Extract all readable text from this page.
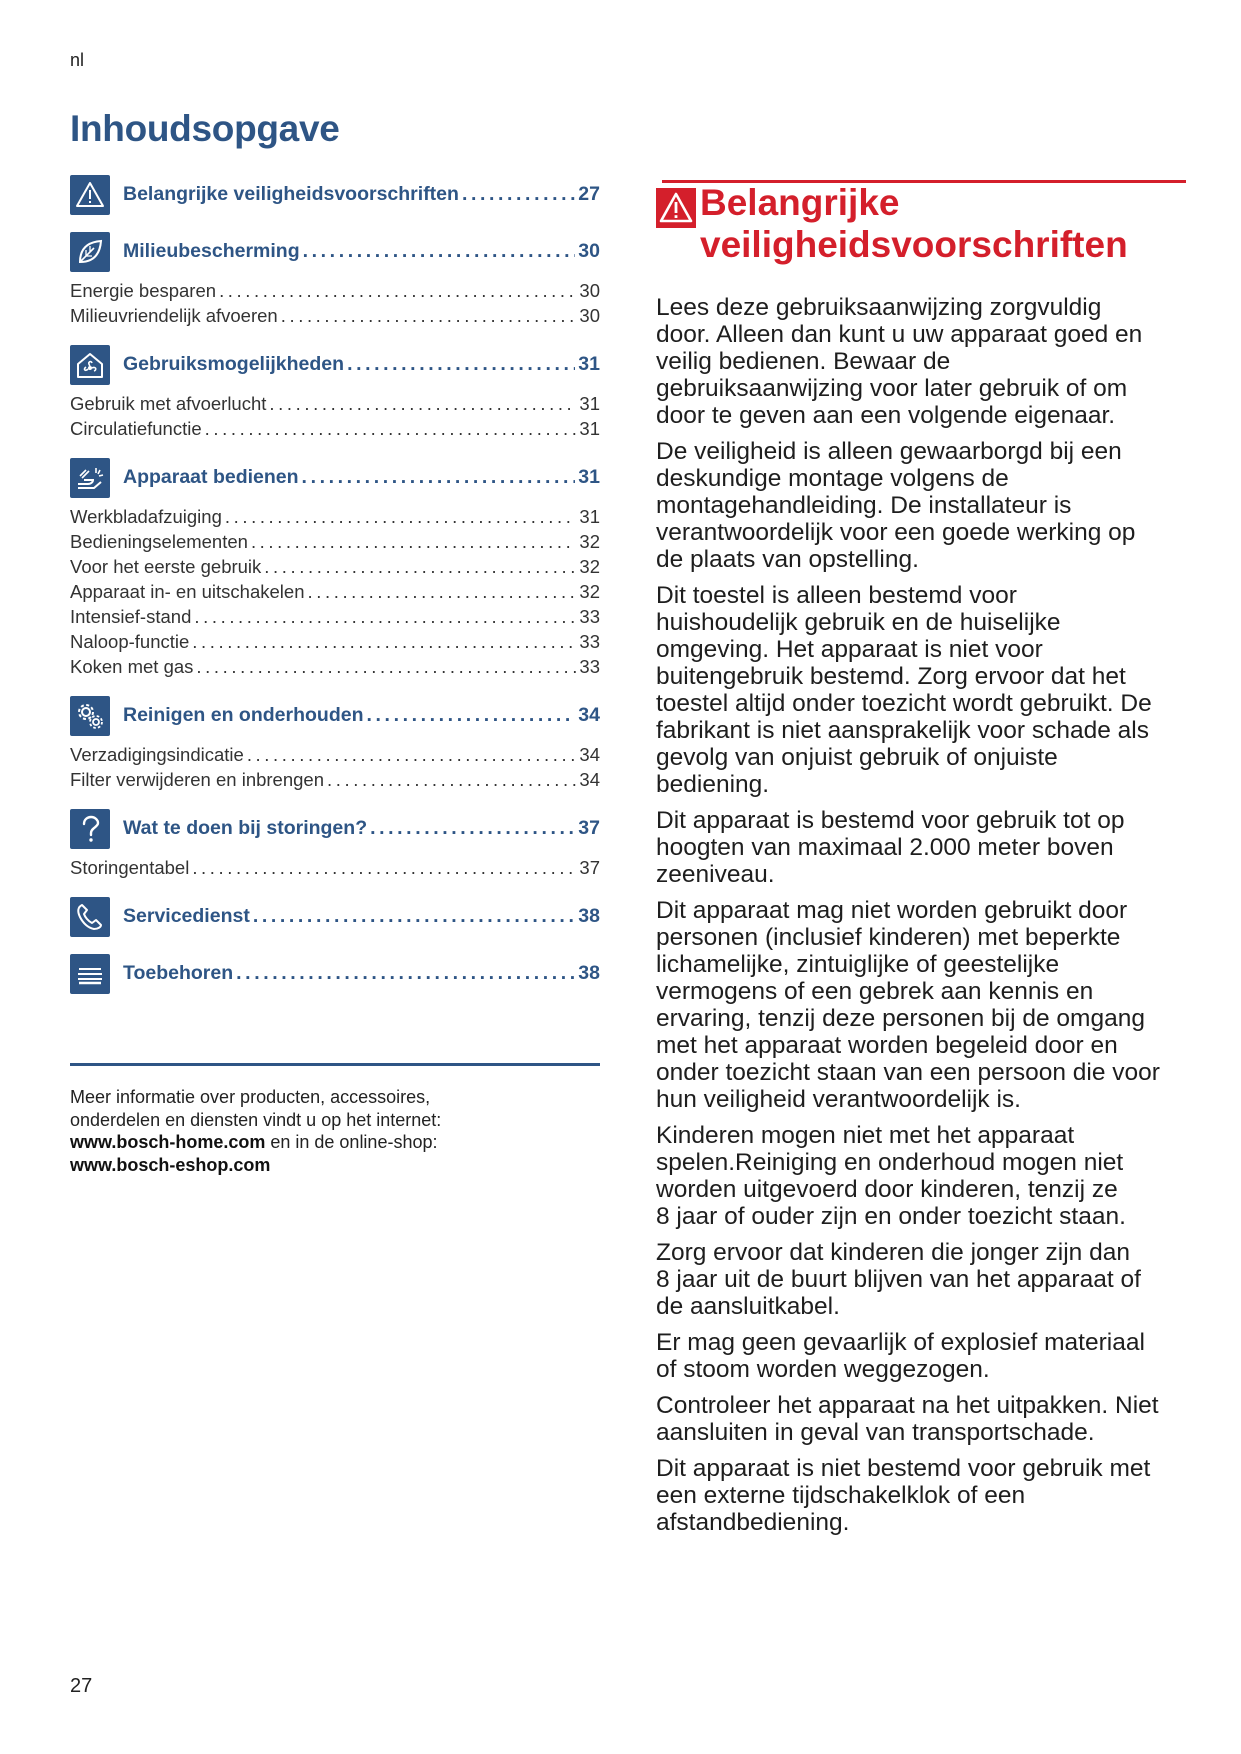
nl
Inhoudsopgave
Belangrijke veiligheidsvoorschriften .....	27
Milieubescherming .....	30
Energie besparen .....	30
Milieuvriendelijk afvoeren .....	30
Gebruiksmogelijkheden .....	31
Gebruik met afvoerlucht .....	31
Circulatiefunctie .....	31
Apparaat bedienen .....	31
Werkbladafzuiging .....	31
Bedieningselementen .....	32
Voor het eerste gebruik .....	32
Apparaat in- en uitschakelen .....	32
Intensief-stand .....	33
Naloop-functie .....	33
Koken met gas .....	33
Reinigen en onderhouden .....	34
Verzadigingsindicatie .....	34
Filter verwijderen en inbrengen .....	34
Wat te doen bij storingen? .....	37
Storingentabel .....	37
Servicedienst .....	38
Toebehoren .....	38
Meer informatie over producten, accessoires,
onderdelen en diensten vindt u op het internet:
www.bosch-home.com en in de online-shop:
www.bosch-eshop.com
Belangrijke
veiligheidsvoorschriften

Lees deze gebruiksaanwijzing zorgvuldig
door. Alleen dan kunt u uw apparaat goed en
veilig bedienen. Bewaar de
gebruiksaanwijzing voor later gebruik of om
door te geven aan een volgende eigenaar.

De veiligheid is alleen gewaarborgd bij een
deskundige montage volgens de
montagehandleiding. De installateur is
verantwoordelijk voor een goede werking op
de plaats van opstelling.

Dit toestel is alleen bestemd voor
huishoudelijk gebruik en de huiselijke
omgeving. Het apparaat is niet voor
buitengebruik bestemd. Zorg ervoor dat het
toestel altijd onder toezicht wordt gebruikt. De
fabrikant is niet aansprakelijk voor schade als
gevolg van onjuist gebruik of onjuiste
bediening.

Dit apparaat is bestemd voor gebruik tot op
hoogten van maximaal 2.000 meter boven
zeeniveau.

Dit apparaat mag niet worden gebruikt door
personen (inclusief kinderen) met beperkte
lichamelijke, zintuiglijke of geestelijke
vermogens of een gebrek aan kennis en
ervaring, tenzij deze personen bij de omgang
met het apparaat worden begeleid door en
onder toezicht staan van een persoon die voor
hun veiligheid verantwoordelijk is.

Kinderen mogen niet met het apparaat
spelen.Reiniging en onderhoud mogen niet
worden uitgevoerd door kinderen, tenzij ze
8 jaar of ouder zijn en onder toezicht staan.

Zorg ervoor dat kinderen die jonger zijn dan
8 jaar uit de buurt blijven van het apparaat of
de aansluitkabel.

Er mag geen gevaarlijk of explosief materiaal
of stoom worden weggezogen.

Controleer het apparaat na het uitpakken. Niet
aansluiten in geval van transportschade.

Dit apparaat is niet bestemd voor gebruik met
een externe tijdschakelklok of een
afstandbediening.

27
